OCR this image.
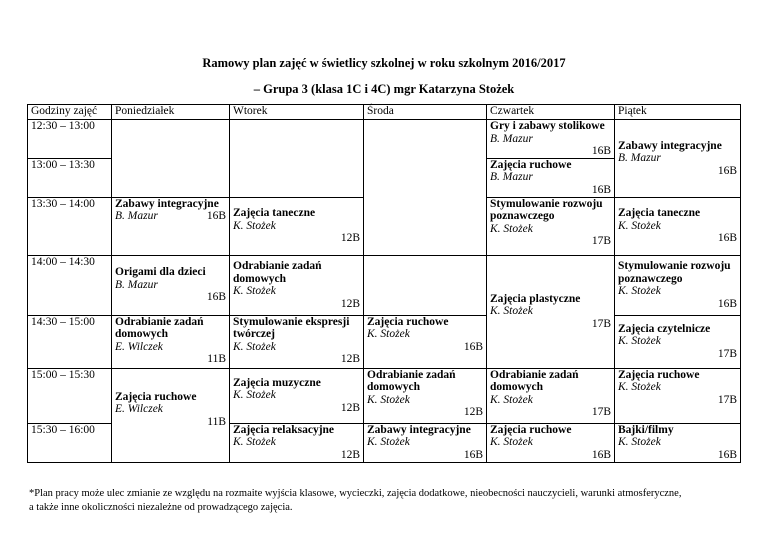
Ramowy plan zajęć w świetlicy szkolnej w roku szkolnym 2016/2017
– Grupa 3 (klasa 1C i 4C) mgr Katarzyna Stożek
Godziny zajęć	Poniedziałek	Wtorek	Środa	Czwartek	Piątek
12:30 – 13:00				Gry i zabawy stolikowe
B. Mazur
16B	Zabawy integracyjne
B. Mazur
16B

13:00 – 13:30				Zajęcia ruchowe
B. Mazur
16B	

13:30 – 14:00	Zabawy integracyjne
B. Mazur 16B	Zajęcia taneczne
K. Stożek
12B		Stymulowanie rozwoju poznawczego
K. Stożek
17B	Zajęcia taneczne
K. Stożek
16B

14:00 – 14:30	Origami dla dzieci
B. Mazur
16B	Odrabianie zadań domowych
K. Stożek
12B		Zajęcia plastyczne
K. Stożek
17B	Stymulowanie rozwoju poznawczego
K. Stożek
16B

14:30 – 15:00	Odrabianie zadań domowych
E. Wilczek
11B	Stymulowanie ekspresji twórczej
K. Stożek
12B	Zajęcia ruchowe
K. Stożek
16B		Zajęcia czytelnicze
K. Stożek
17B

15:00 – 15:30	Zajęcia ruchowe
E. Wilczek
11B	Zajęcia muzyczne
K. Stożek
12B	Odrabianie zadań domowych
K. Stożek
12B	Odrabianie zadań domowych
K. Stożek
17B	Zajęcia ruchowe
K. Stożek
17B

15:30 – 16:00		Zajęcia relaksacyjne
K. Stożek
12B	Zabawy integracyjne
K. Stożek
16B	Zajęcia ruchowe
K. Stożek
16B	Bajki/filmy
K. Stożek
16B
*Plan pracy może ulec zmianie ze względu na rozmaite wyjścia klasowe, wycieczki, zajęcia dodatkowe, nieobecności nauczycieli, warunki atmosferyczne,
a także inne okoliczności niezależne od prowadzącego zajęcia.
